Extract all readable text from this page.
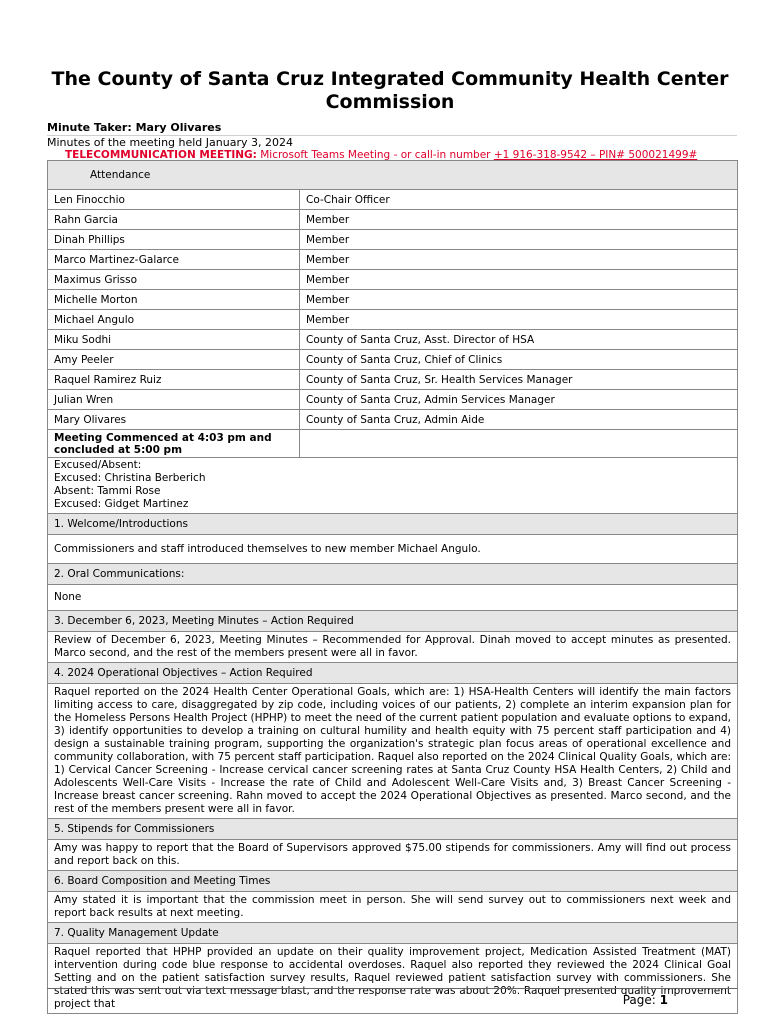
The County of Santa Cruz Integrated Community Health Center Commission
Minute Taker: Mary Olivares
Minutes of the meeting held January 3, 2024
TELECOMMUNICATION MEETING: Microsoft Teams Meeting - or call-in number +1 916-318-9542 – PIN# 500021499#
Attendance	
Len Finocchio	Co-Chair Officer
Rahn Garcia	Member
Dinah Phillips	Member
Marco Martinez-Galarce	Member
Maximus Grisso	Member
Michelle Morton	Member
Michael Angulo	Member
Miku Sodhi	County of Santa Cruz, Asst. Director of HSA
Amy Peeler	County of Santa Cruz, Chief of Clinics
Raquel Ramirez Ruiz	County of Santa Cruz, Sr. Health Services Manager
Julian Wren	County of Santa Cruz, Admin Services Manager
Mary Olivares	County of Santa Cruz, Admin Aide
Meeting Commenced at 4:03 pm and concluded at 5:00 pm	

Excused/Absent:
Excused: Christina Berberich
Absent: Tammi Rose
Excused: Gidget Martinez	

1. Welcome/Introductions	
Commissioners and staff introduced themselves to new member Michael Angulo.	
2. Oral Communications:	
None	
3. December 6, 2023, Meeting Minutes – Action Required	
Review of December 6, 2023, Meeting Minutes – Recommended for Approval. Dinah moved to accept minutes as presented. Marco second, and the rest of the members present were all in favor.	
4. 2024 Operational Objectives – Action Required	
Raquel reported on the 2024 Health Center Operational Goals, which are: 1) HSA-Health Centers will identify the main factors limiting access to care, disaggregated by zip code, including voices of our patients, 2) complete an interim expansion plan for the Homeless Persons Health Project (HPHP) to meet the need of the current patient population and evaluate options to expand, 3) identify opportunities to develop a training on cultural humility and health equity with 75 percent staff participation and 4) design a sustainable training program, supporting the organization's strategic plan focus areas of operational excellence and community collaboration, with 75 percent staff participation. Raquel also reported on the 2024 Clinical Quality Goals, which are: 1) Cervical Cancer Screening - Increase cervical cancer screening rates at Santa Cruz County HSA Health Centers, 2) Child and Adolescents Well-Care Visits - Increase the rate of Child and Adolescent Well-Care Visits and, 3) Breast Cancer Screening - Increase breast cancer screening. Rahn moved to accept the 2024 Operational Objectives as presented. Marco second, and the rest of the members present were all in favor.	
5. Stipends for Commissioners	
Amy was happy to report that the Board of Supervisors approved $75.00 stipends for commissioners. Amy will find out process and report back on this.	
6. Board Composition and Meeting Times	
Amy stated it is important that the commission meet in person. She will send survey out to commissioners next week and report back results at next meeting.	
7. Quality Management Update	
Raquel reported that HPHP provided an update on their quality improvement project, Medication Assisted Treatment (MAT) intervention during code blue response to accidental overdoses. Raquel also reported they reviewed the 2024 Clinical Goal Setting and on the patient satisfaction survey results, Raquel reviewed patient satisfaction survey with commissioners. She stated this was sent out via text message blast, and the response rate was about 20%. Raquel presented quality improvement project that		Page: 1
